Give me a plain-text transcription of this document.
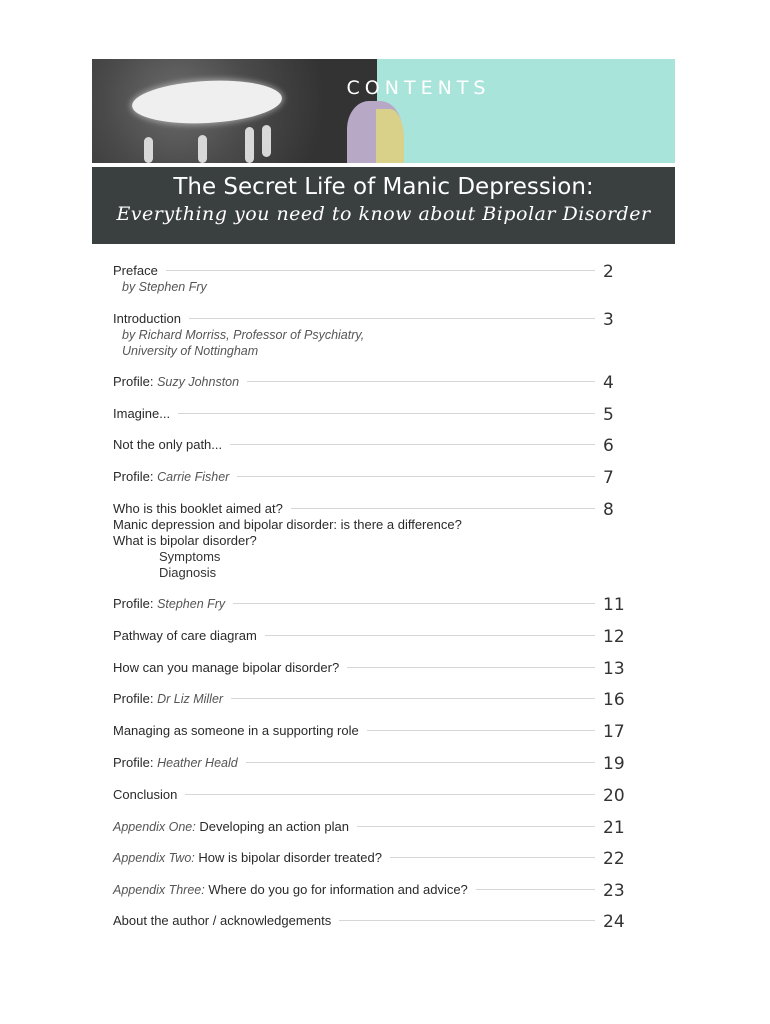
CONTENTS
The Secret Life of Manic Depression:

Everything you need to know about Bipolar Disorder

Preface	2
by Stephen Fry
Introduction	3
by Richard Morriss, Professor of Psychiatry,
University of Nottingham
Profile: Suzy Johnston	4
Imagine...	5
Not the only path...	6
Profile: Carrie Fisher	7
Who is this booklet aimed at?	8
Manic depression and bipolar disorder: is there a difference?
What is bipolar disorder?
Symptoms
Diagnosis
Profile: Stephen Fry	11
Pathway of care diagram	12
How can you manage bipolar disorder?	13
Profile: Dr Liz Miller	16
Managing as someone in a supporting role	17
Profile: Heather Heald	19
Conclusion	20
Appendix One: Developing an action plan	21
Appendix Two: How is bipolar disorder treated?	22
Appendix Three: Where do you go for information and advice?	23
About the author / acknowledgements	24
